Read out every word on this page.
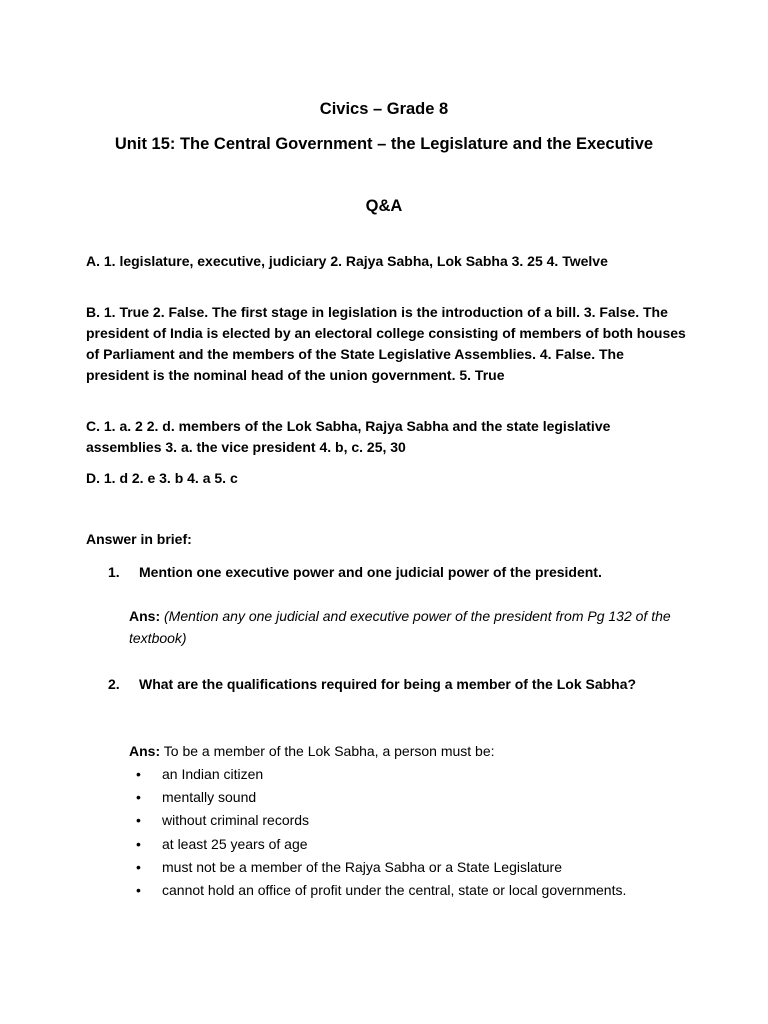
Civics – Grade 8

Unit 15: The Central Government – the Legislature and the Executive

Q&A

A. 1. legislature, executive, judiciary 2. Rajya Sabha, Lok Sabha 3. 25 4. Twelve

B. 1. True 2. False. The first stage in legislation is the introduction of a bill. 3. False. The president of India is elected by an electoral college consisting of members of both houses of Parliament and the members of the State Legislative Assemblies. 4. False. The president is the nominal head of the union government. 5. True

C. 1. a. 2 2. d. members of the Lok Sabha, Rajya Sabha and the state legislative assemblies 3. a. the vice president 4. b, c. 25, 30

D. 1. d 2. e 3. b 4. a 5. c

Answer in brief:

1.	Mention one executive power and one judicial power of the president.

Ans: (Mention any one judicial and executive power of the president from Pg 132 of the textbook)

2.	What are the qualifications required for being a member of the Lok Sabha?

Ans: To be a member of the Lok Sabha, a person must be:

•	an Indian citizen
•	mentally sound
•	without criminal records
•	at least 25 years of age
•	must not be a member of the Rajya Sabha or a State Legislature
•	cannot hold an office of profit under the central, state or local governments.
